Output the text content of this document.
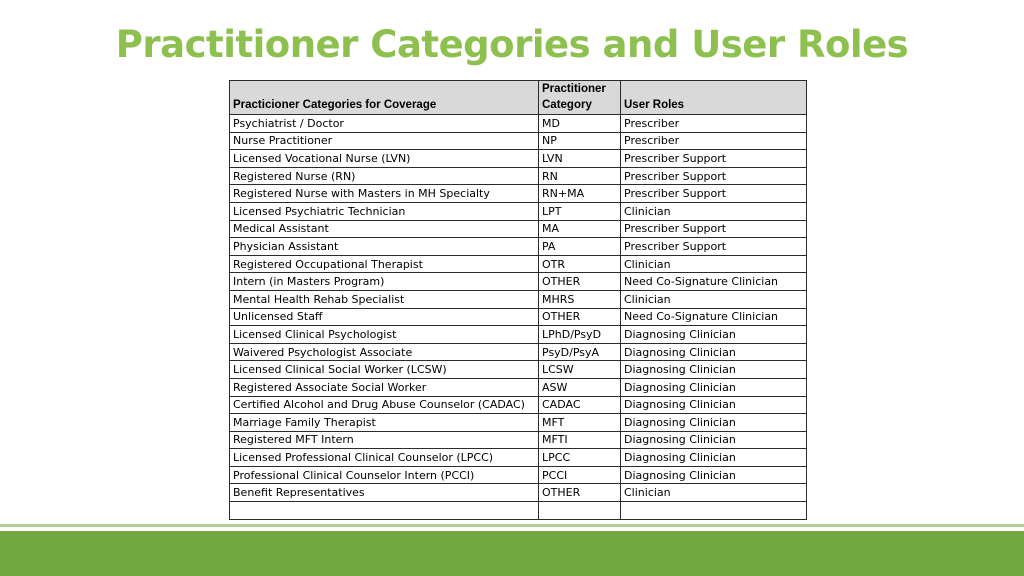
Practitioner Categories and User Roles
Practicioner Categories for Coverage	Practitioner Category	User Roles
Psychiatrist / Doctor	MD	Prescriber
Nurse Practitioner	NP	Prescriber
Licensed Vocational Nurse (LVN)	LVN	Prescriber Support
Registered Nurse (RN)	RN	Prescriber Support
Registered Nurse with Masters in MH Specialty	RN+MA	Prescriber Support
Licensed Psychiatric Technician	LPT	Clinician
Medical Assistant	MA	Prescriber Support
Physician Assistant	PA	Prescriber Support
Registered Occupational Therapist	OTR	Clinician
Intern (in Masters Program)	OTHER	Need Co-Signature Clinician
Mental Health Rehab Specialist	MHRS	Clinician
Unlicensed Staff	OTHER	Need Co-Signature Clinician
Licensed Clinical Psychologist	LPhD/PsyD	Diagnosing Clinician
Waivered Psychologist Associate	PsyD/PsyA	Diagnosing Clinician
Licensed Clinical Social Worker (LCSW)	LCSW	Diagnosing Clinician
Registered Associate Social Worker	ASW	Diagnosing Clinician
Certified Alcohol and Drug Abuse Counselor (CADAC)	CADAC	Diagnosing Clinician
Marriage Family Therapist	MFT	Diagnosing Clinician
Registered MFT Intern	MFTI	Diagnosing Clinician
Licensed Professional Clinical Counselor (LPCC)	LPCC	Diagnosing Clinician
Professional Clinical Counselor Intern (PCCI)	PCCI	Diagnosing Clinician
Benefit Representatives	OTHER	Clinician
